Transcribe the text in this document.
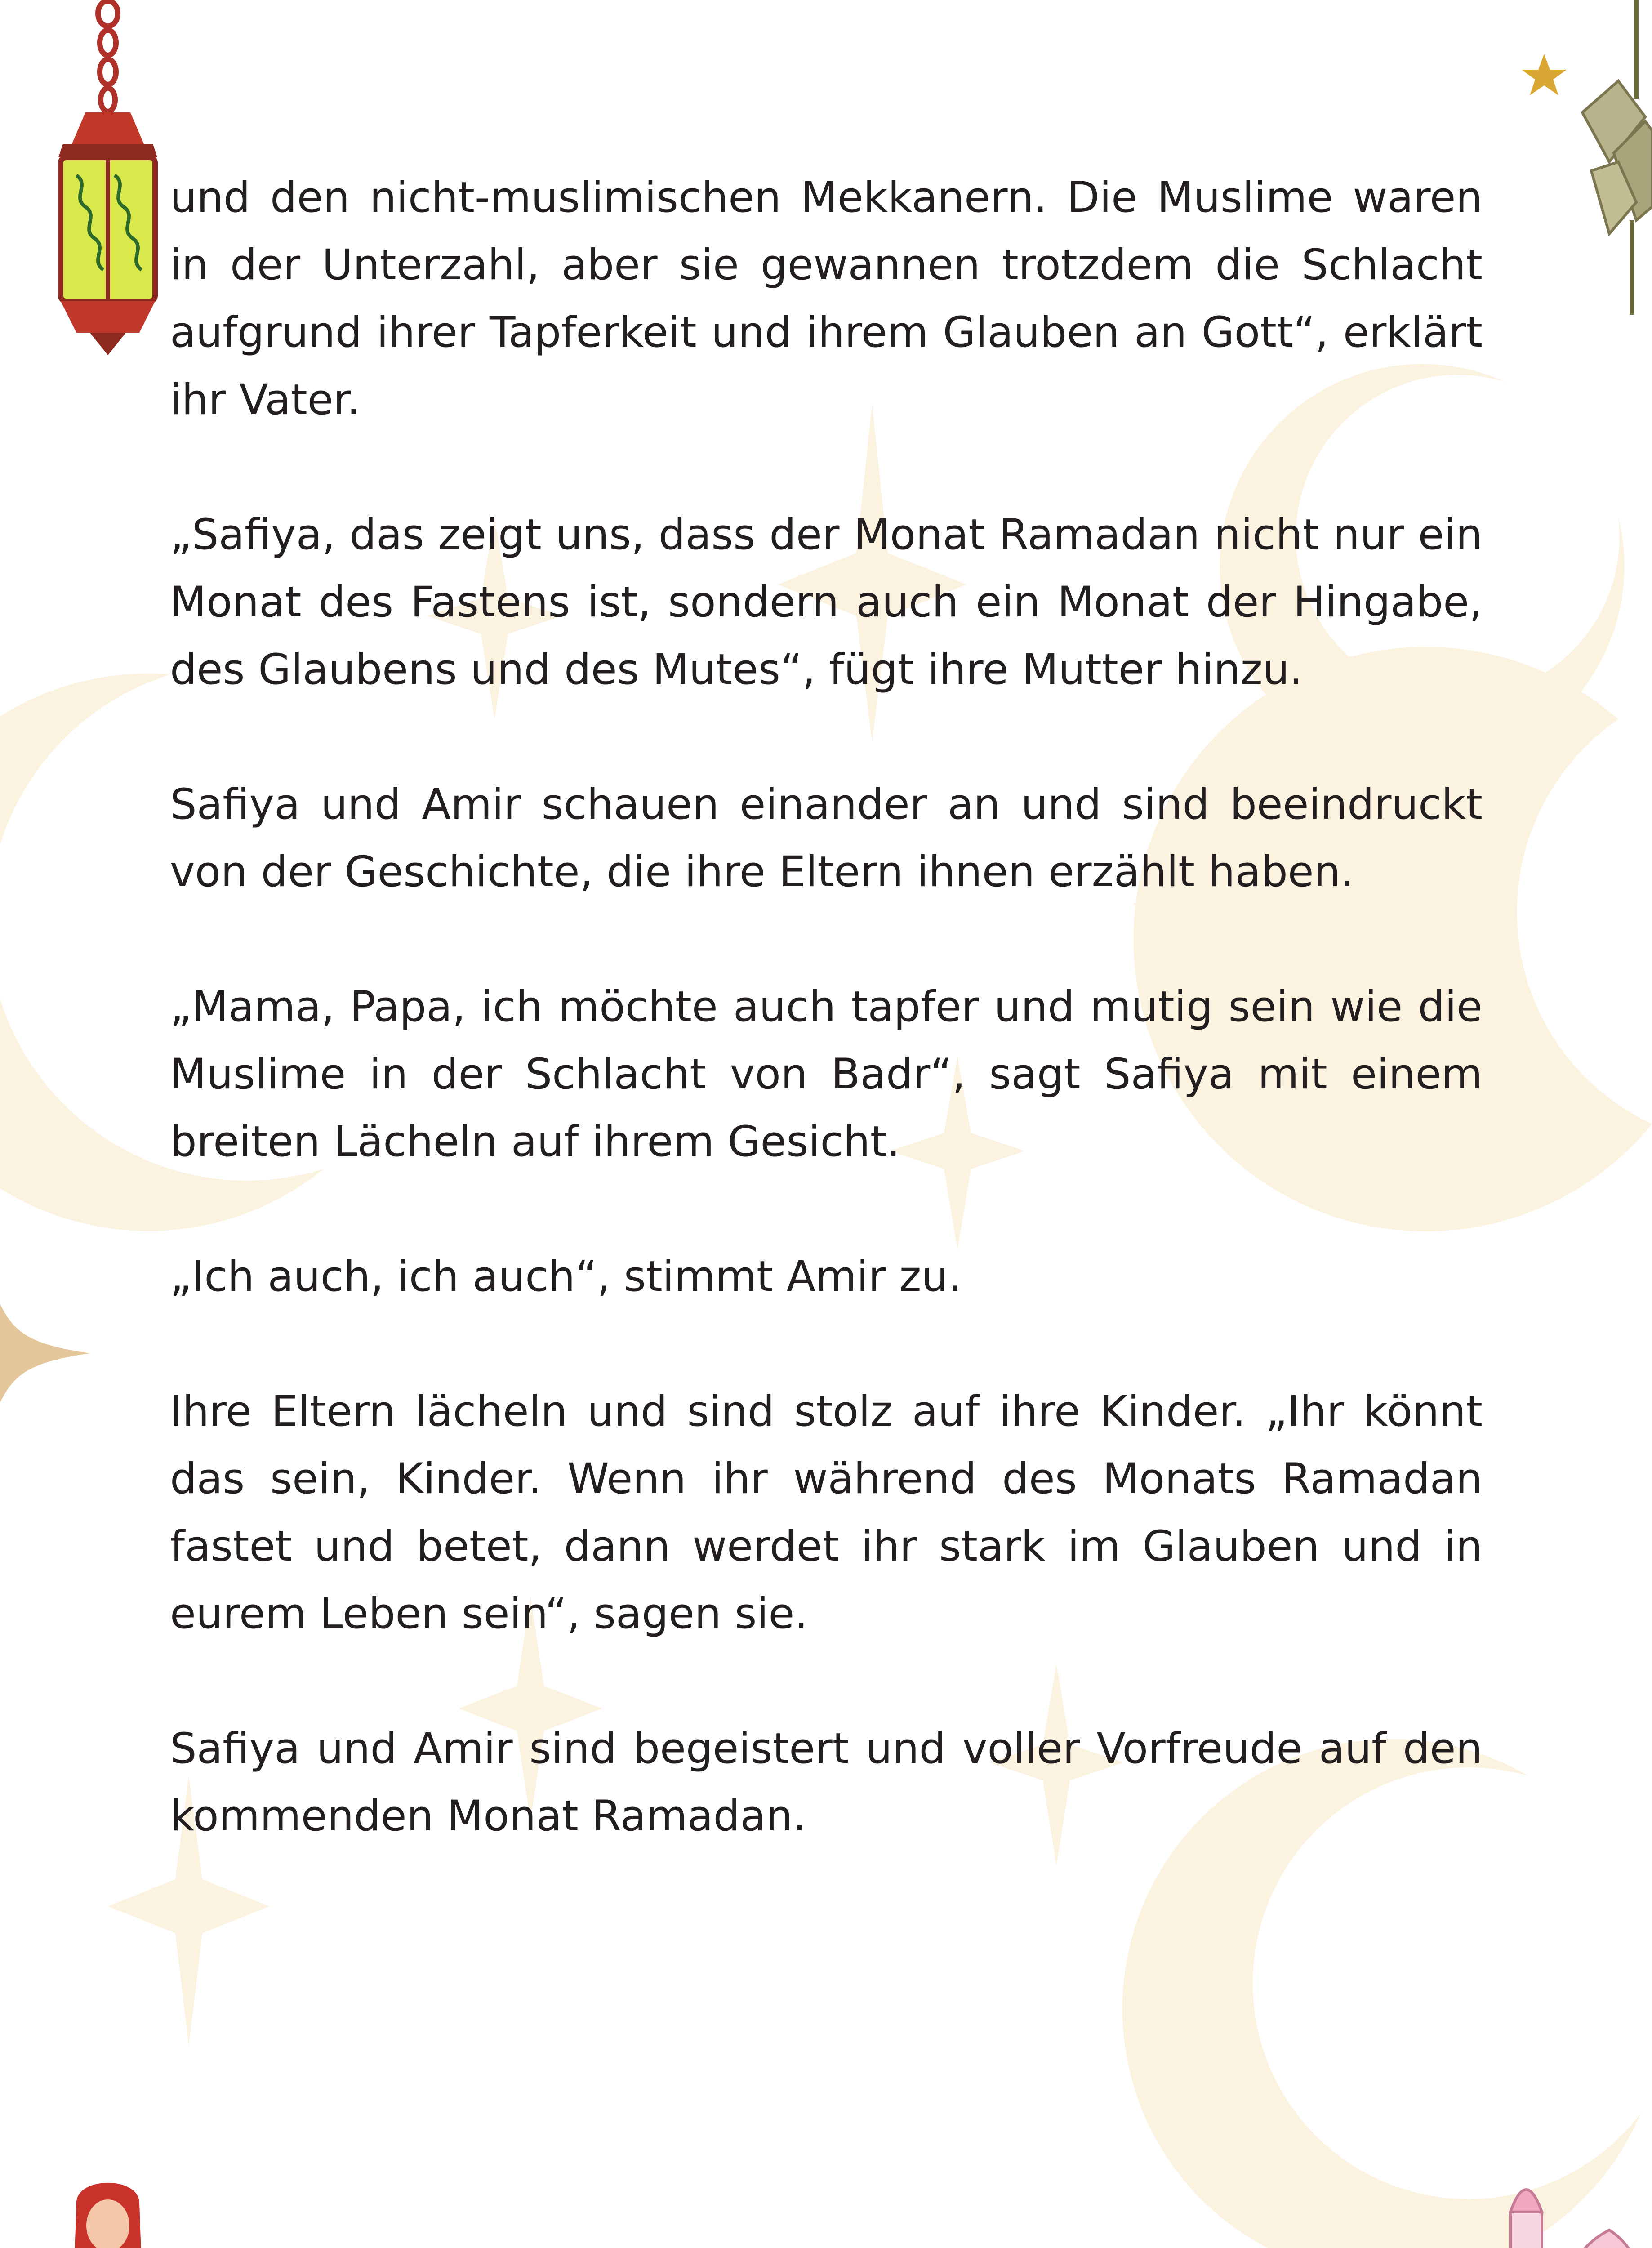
und den nicht-muslimischen Mekkanern. Die Muslime waren in der Unterzahl, aber sie gewannen trotzdem die Schlacht aufgrund ihrer Tapferkeit und ihrem Glauben an Gott“, erklärt ihr Vater.

„Safiya, das zeigt uns, dass der Monat Ramadan nicht nur ein Monat des Fastens ist, sondern auch ein Monat der Hingabe, des Glaubens und des Mutes“, fügt ihre Mutter hinzu.

Safiya und Amir schauen einander an und sind beeindruckt von der Geschichte, die ihre Eltern ihnen erzählt haben.

„Mama, Papa, ich möchte auch tapfer und mutig sein wie die Muslime in der Schlacht von Badr“, sagt Safiya mit einem breiten Lächeln auf ihrem Gesicht.

„Ich auch, ich auch“, stimmt Amir zu.

Ihre Eltern lächeln und sind stolz auf ihre Kinder. „Ihr könnt das sein, Kinder. Wenn ihr während des Monats Ramadan fastet und betet, dann werdet ihr stark im Glauben und in eurem Leben sein“, sagen sie.

Safiya und Amir sind begeistert und voller Vorfreude auf den kommenden Monat Ramadan.
